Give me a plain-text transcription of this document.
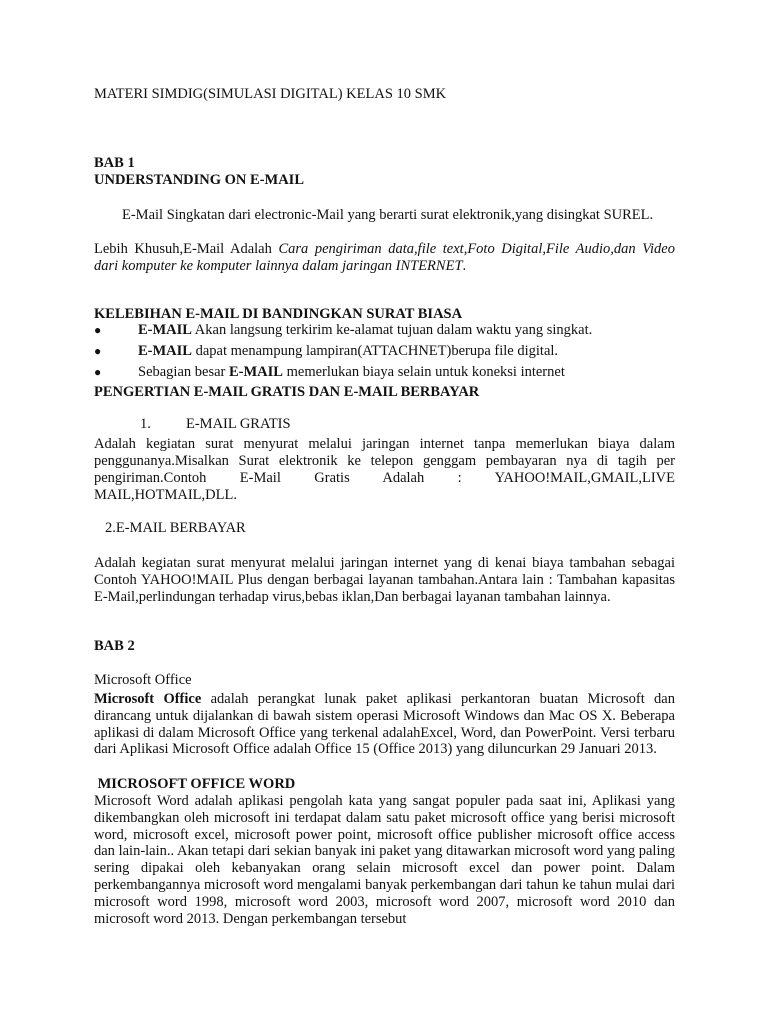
MATERI SIMDIG(SIMULASI DIGITAL) KELAS 10 SMK

BAB 1

UNDERSTANDING ON E-MAIL

E-Mail Singkatan dari electronic-Mail yang berarti surat elektronik,yang disingkat SUREL.

Lebih Khusuh,E-Mail Adalah Cara pengiriman data,file text,Foto Digital,File Audio,dan Video dari komputer ke komputer lainnya dalam jaringan INTERNET.

KELEBIHAN E-MAIL DI BANDINGKAN SURAT BIASA

●	E-MAIL Akan langsung terkirim ke-alamat tujuan dalam waktu yang singkat.
●	E-MAIL dapat menampung lampiran(ATTACHNET)berupa file digital.
●	Sebagian besar E-MAIL memerlukan biaya selain untuk koneksi internet

PENGERTIAN E-MAIL GRATIS DAN E-MAIL BERBAYAR

1. E-MAIL GRATIS

Adalah kegiatan surat menyurat melalui jaringan internet tanpa memerlukan biaya dalam penggunanya.Misalkan Surat elektronik ke telepon genggam pembayaran nya di tagih per pengiriman.Contoh E-Mail Gratis Adalah : YAHOO!MAIL,GMAIL,LIVE

MAIL,HOTMAIL,DLL.

2.E-MAIL BERBAYAR

Adalah kegiatan surat menyurat melalui jaringan internet yang di kenai biaya tambahan sebagai Contoh YAHOO!MAIL Plus dengan berbagai layanan tambahan.Antara lain : Tambahan kapasitas E-Mail,perlindungan terhadap virus,bebas iklan,Dan berbagai layanan tambahan lainnya.

BAB 2

Microsoft Office

Microsoft Office adalah perangkat lunak paket aplikasi perkantoran buatan Microsoft dan dirancang untuk dijalankan di bawah sistem operasi Microsoft Windows dan Mac OS X. Beberapa aplikasi di dalam Microsoft Office yang terkenal adalahExcel, Word, dan PowerPoint. Versi terbaru dari Aplikasi Microsoft Office adalah Office 15 (Office 2013) yang diluncurkan 29 Januari 2013.

MICROSOFT OFFICE WORD

Microsoft Word adalah aplikasi pengolah kata yang sangat populer pada saat ini, Aplikasi yang dikembangkan oleh microsoft ini terdapat dalam satu paket microsoft office yang berisi microsoft word, microsoft excel, microsoft power point, microsoft office publisher microsoft office access dan lain-lain.. Akan tetapi dari sekian banyak ini paket yang ditawarkan microsoft word yang paling sering dipakai oleh kebanyakan orang selain microsoft excel dan power point. Dalam perkembangannya microsoft word mengalami banyak perkembangan dari tahun ke tahun mulai dari microsoft word 1998, microsoft word 2003, microsoft word 2007, microsoft word 2010 dan microsoft word 2013. Dengan perkembangan tersebut
